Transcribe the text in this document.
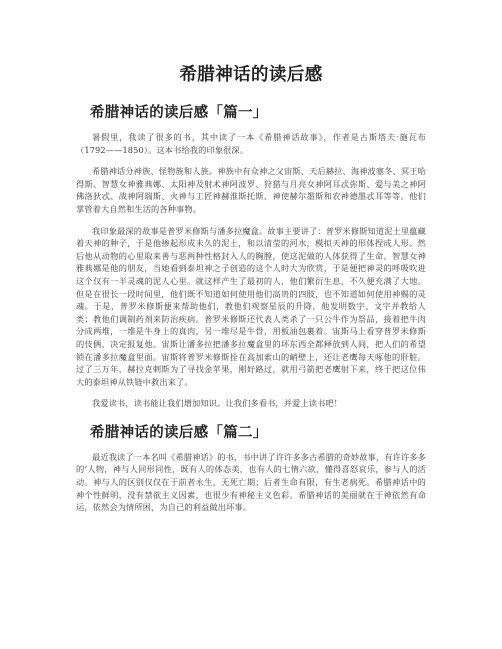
希腊神话的读后感
希腊神话的读后感「篇一」

暑假里，我读了很多的书，其中读了一本《希腊神话故事》，作者是古斯塔夫·施瓦布（1792——1850）。这本书给我的印象很深。

希腊神话分神族、怪物族和人族。神族中有众神之父宙斯、天后赫拉、海神波塞冬、冥王哈得斯、智慧女神雅典娜、太阳神及射术神阿波罗、狩猎与月亮女神阿耳忒弥斯、爱与美之神阿佛洛狄忒、战神阿瑞斯、火神与工匠神赫淮斯托斯、神使赫尔墨斯和农神德墨忒耳等等。他们掌管着大自然和生活的各种事物。

我印象最深的故事是普罗米修斯与潘多拉魔盒。故事主要讲了：普罗米修斯知道泥土里蕴藏着天神的种子，于是他掺起形成未久的泥土，和以清莹的河水，模拟天神的形体捏成人形。然后他从动物的心里取来善与恶两种性格封入人的胸膛，使这泥做的人体获得了生命。智慧女神雅典娜是他的朋友，当她看到泰坦神之子创造的这个人时大为欣赏，于是便把神灵的呼吸吹进这个仅有一半灵魂的泥人心里。就这样产生了最初的人，他们繁衍生息，不久便充满了大地。但是在很长一段时间里，他们既不知道如何使用他们高贵的四肢，也不知道如何使用神赐的灵魂。于是，普罗米修斯便来帮助他们，教他们观察星辰的升降，他发明数字、文字并教给人类；教他们调制药剂来防治疾病。普罗米修斯还代表人类杀了一只公牛作为祭品，接着把牛肉分成两堆，一堆是牛身上的真肉，另一堆尽是牛骨，用板油包裹着。宙斯马上看穿普罗米修斯的伎俩，决定报复他。宙斯让潘多拉把潘多拉魔盒里的坏东西全都释放到人间，把人们的希望锁在潘多拉魔盒里面。宙斯将普罗米修斯拴在高加索山的峭壁上，还让老鹰每天啄他的肝脏。过了三万年，赫拉克剌斯为了寻找金苹果，刚好路过，就用弓箭把老鹰射下来，终于把这位伟大的泰坦神从铁链中救出来了。

我爱读书，读书能让我们增加知识。让我们多看书，并爱上读书吧！

希腊神话的读后感「篇二」

最近我读了一本名叫《希腊神话》的书，书中讲了许许多多古希腊的奇妙故事，有许许多多的‘人物，神与人同形同性，既有人的体态美，也有人的七情六欲，懂得喜怒哀乐，参与人的活动。神与人的区别仅仅在于前者永生，无死亡期；后者生命有限，有生老病死。希腊神话中的神个性鲜明，没有禁欲主义因素，也很少有神秘主义色彩。希腊神话的美丽就在于神依然有命运，依然会为情所困，为自己的利益做出坏事。
